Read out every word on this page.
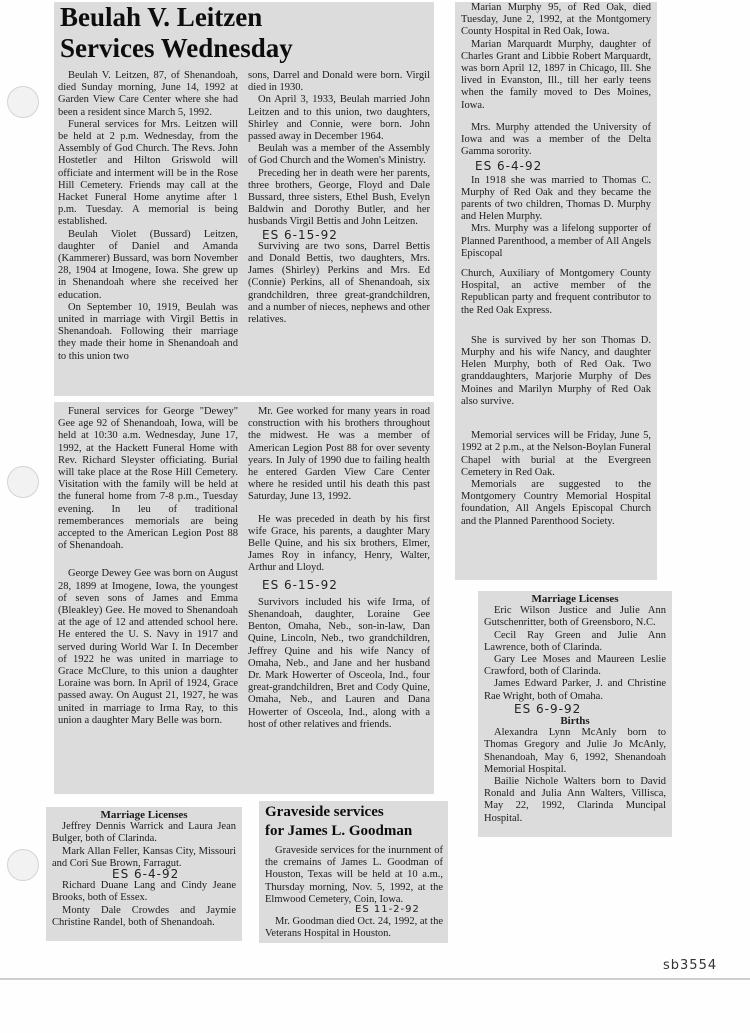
Beulah V. Leitzen
Services Wednesday

Beulah V. Leitzen, 87, of Shenandoah, died Sunday morning, June 14, 1992 at Garden View Care Center where she had been a resident since March 5, 1992.

Funeral services for Mrs. Leitzen will be held at 2 p.m. Wednesday, from the Assembly of God Church. The Revs. John Hostetler and Hilton Griswold will officiate and interment will be in the Rose Hill Cemetery. Friends may call at the Hacket Funeral Home anytime after 1 p.m. Tuesday. A memorial is being established.

Beulah Violet (Bussard) Leitzen, daughter of Daniel and Amanda (Kammerer) Bussard, was born November 28, 1904 at Imogene, Iowa. She grew up in Shenandoah where she received her education.

On September 10, 1919, Beulah was united in marriage with Virgil Bettis in Shenandoah. Following their marriage they made their home in Shenandoah and to this union two

sons, Darrel and Donald were born. Virgil died in 1930.

On April 3, 1933, Beulah married John Leitzen and to this union, two daughters, Shirley and Connie, were born. John passed away in December 1964.

Beulah was a member of the Assembly of God Church and the Women's Ministry.

Preceding her in death were her parents, three brothers, George, Floyd and Dale Bussard, three sisters, Ethel Bush, Evelyn Baldwin and Dorothy Butler, and her husbands Virgil Bettis and John Leitzen.

ES 6-15-92

Surviving are two sons, Darrel Bettis and Donald Bettis, two daughters, Mrs. James (Shirley) Perkins and Mrs. Ed (Connie) Perkins, all of Shenandoah, six grandchildren, three great-grandchildren, and a number of nieces, nephews and other relatives.

Funeral services for George "Dewey" Gee age 92 of Shenandoah, Iowa, will be held at 10:30 a.m. Wednesday, June 17, 1992, at the Hackett Funeral Home with Rev. Richard Sleyster officiating. Burial will take place at the Rose Hill Cemetery. Visitation with the family will be held at the funeral home from 7-8 p.m., Tuesday evening. In leu of traditional rememberances memorials are being accepted to the American Legion Post 88 of Shenandoah.

George Dewey Gee was born on August 28, 1899 at Imogene, Iowa, the youngest of seven sons of James and Emma (Bleakley) Gee. He moved to Shenandoah at the age of 12 and attended school here. He entered the U. S. Navy in 1917 and served during World War I. In December of 1922 he was united in marriage to Grace McClure, to this union a daughter Loraine was born. In April of 1924, Grace passed away. On August 21, 1927, he was united in marriage to Irma Ray, to this union a daughter Mary Belle was born.

Mr. Gee worked for many years in road construction with his brothers throughout the midwest. He was a member of American Legion Post 88 for over seventy years. In July of 1990 due to failing health he entered Garden View Care Center where he resided until his death this past Saturday, June 13, 1992.

He was preceded in death by his first wife Grace, his parents, a daughter Mary Belle Quine, and his six brothers, Elmer, James Roy in infancy, Henry, Walter, Arthur and Lloyd.

ES 6-15-92

Survivors included his wife Irma, of Shenandoah, daughter, Loraine Gee Benton, Omaha, Neb., son-in-law, Dan Quine, Lincoln, Neb., two grandchildren, Jeffrey Quine and his wife Nancy of Omaha, Neb., and Jane and her husband Dr. Mark Howerter of Osceola, Ind., four great-grandchildren, Bret and Cody Quine, Omaha, Neb., and Lauren and Dana Howerter of Osceola, Ind., along with a host of other relatives and friends.

Marian Murphy 95, of Red Oak, died Tuesday, June 2, 1992, at the Montgomery County Hospital in Red Oak, Iowa.

Marian Marquardt Murphy, daughter of Charles Grant and Libbie Robert Marquardt, was born April 12, 1897 in Chicago, Ill. She lived in Evanston, Ill., till her early teens when the family moved to Des Moines, Iowa.

Mrs. Murphy attended the University of Iowa and was a member of the Delta Gamma sorority.

ES 6-4-92

In 1918 she was married to Thomas C. Murphy of Red Oak and they became the parents of two children, Thomas D. Murphy and Helen Murphy.

Mrs. Murphy was a lifelong supporter of Planned Parenthood, a member of All Angels Episcopal

Church, Auxiliary of Montgomery County Hospital, an active member of the Republican party and frequent contributor to the Red Oak Express.

She is survived by her son Thomas D. Murphy and his wife Nancy, and daughter Helen Murphy, both of Red Oak. Two granddaughters, Marjorie Murphy of Des Moines and Marilyn Murphy of Red Oak also survive.

Memorial services will be Friday, June 5, 1992 at 2 p.m., at the Nelson-Boylan Funeral Chapel with burial at the Evergreen Cemetery in Red Oak.

Memorials are suggested to the Montgomery Country Memorial Hospital foundation, All Angels Episcopal Church and the Planned Parenthood Society.

Marriage Licenses

Eric Wilson Justice and Julie Ann Gutschenritter, both of Greensboro, N.C.

Cecil Ray Green and Julie Ann Lawrence, both of Clarinda.

Gary Lee Moses and Maureen Leslie Crawford, both of Clarinda.

James Edward Parker, J. and Christine Rae Wright, both of Omaha.

ES 6-9-92

Births

Alexandra Lynn McAnly born to Thomas Gregory and Julie Jo McAnly, Shenandoah, May 6, 1992, Shenandoah Memorial Hospital.

Bailie Nichole Walters born to David Ronald and Julia Ann Walters, Villisca, May 22, 1992, Clarinda Muncipal Hospital.

Marriage Licenses

Jeffrey Dennis Warrick and Laura Jean Bulger, both of Clarinda.

Mark Allan Feller, Kansas City, Missouri and Cori Sue Brown, Farragut.

ES 6-4-92

Richard Duane Lang and Cindy Jeane Brooks, both of Essex.

Monty Dale Crowdes and Jaymie Christine Randel, both of Shenandoah.

Graveside services
for James L. Goodman

Graveside services for the inurnment of the cremains of James L. Goodman of Houston, Texas will be held at 10 a.m., Thursday morning, Nov. 5, 1992, at the Elmwood Cemetery, Coin, Iowa.

ES 11-2-92

Mr. Goodman died Oct. 24, 1992, at the Veterans Hospital in Houston.

sb3554
